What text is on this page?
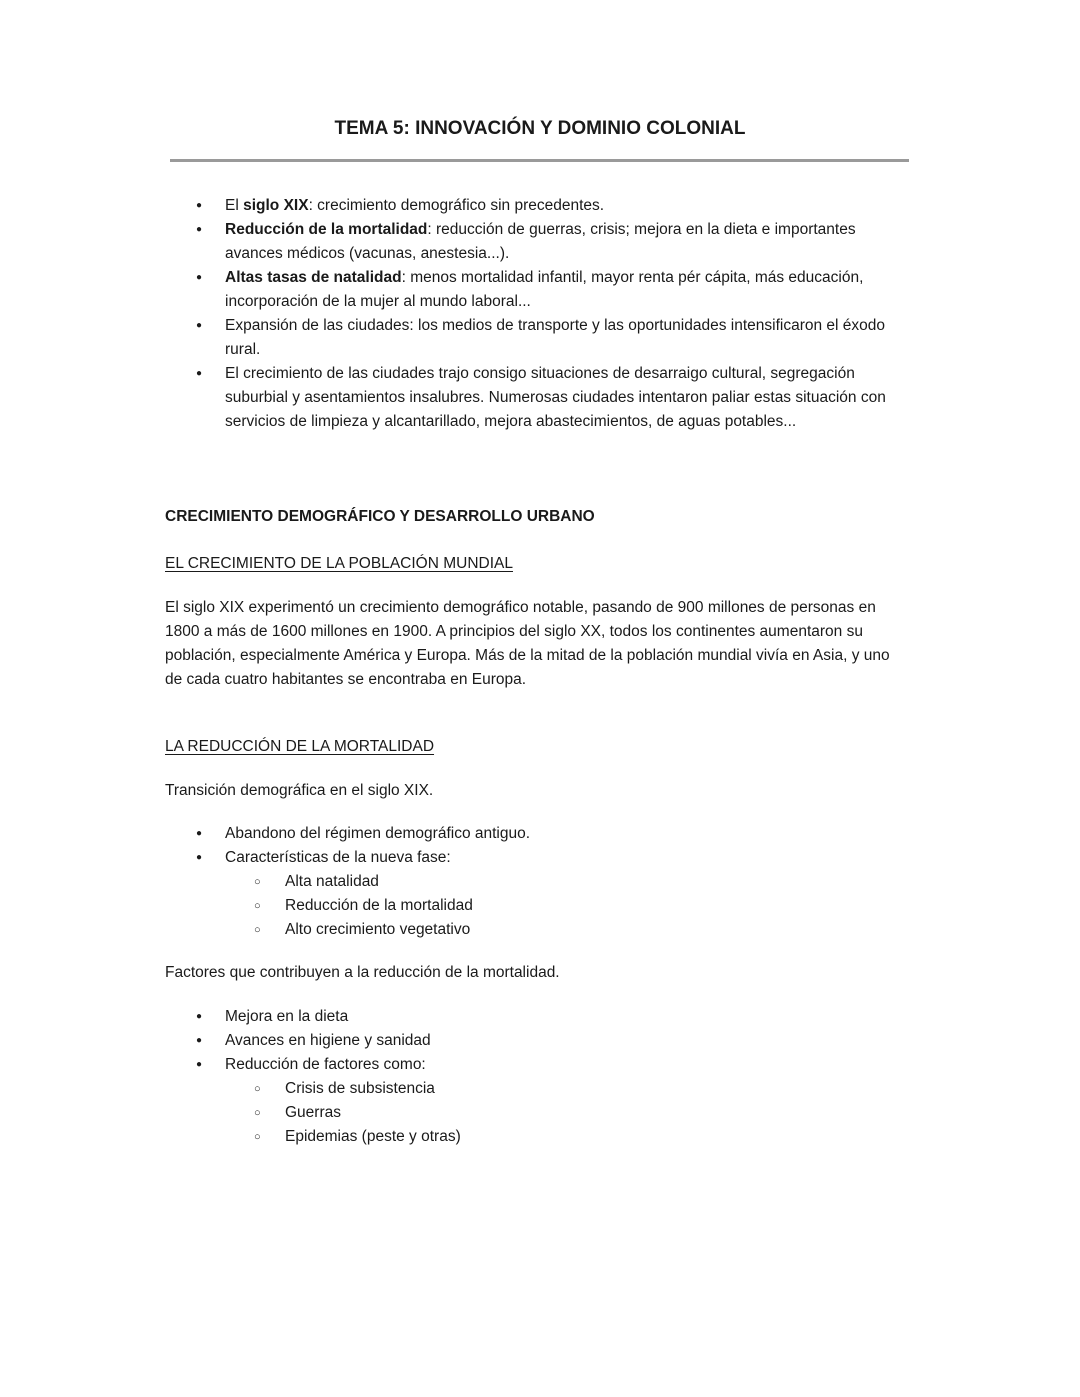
TEMA 5: INNOVACIÓN Y DOMINIO COLONIAL
● El siglo XIX: crecimiento demográfico sin precedentes.
● Reducción de la mortalidad: reducción de guerras, crisis; mejora en la dieta e importantes avances médicos (vacunas, anestesia...).
● Altas tasas de natalidad: menos mortalidad infantil, mayor renta pér cápita, más educación, incorporación de la mujer al mundo laboral...
● Expansión de las ciudades: los medios de transporte y las oportunidades intensificaron el éxodo rural.
● El crecimiento de las ciudades trajo consigo situaciones de desarraigo cultural, segregación suburbial y asentamientos insalubres. Numerosas ciudades intentaron paliar estas situación con servicios de limpieza y alcantarillado, mejora abastecimientos, de aguas potables...
CRECIMIENTO DEMOGRÁFICO Y DESARROLLO URBANO
EL CRECIMIENTO DE LA POBLACIÓN MUNDIAL
El siglo XIX experimentó un crecimiento demográfico notable, pasando de 900 millones de personas en 1800 a más de 1600 millones en 1900. A principios del siglo XX, todos los continentes aumentaron su población, especialmente América y Europa. Más de la mitad de la población mundial vivía en Asia, y uno de cada cuatro habitantes se encontraba en Europa.
LA REDUCCIÓN DE LA MORTALIDAD
Transición demográfica en el siglo XIX.
● Abandono del régimen demográfico antiguo.
● Características de la nueva fase:
○ Alta natalidad
○ Reducción de la mortalidad
○ Alto crecimiento vegetativo
Factores que contribuyen a la reducción de la mortalidad.
● Mejora en la dieta
● Avances en higiene y sanidad
● Reducción de factores como:
○ Crisis de subsistencia
○ Guerras
○ Epidemias (peste y otras)
